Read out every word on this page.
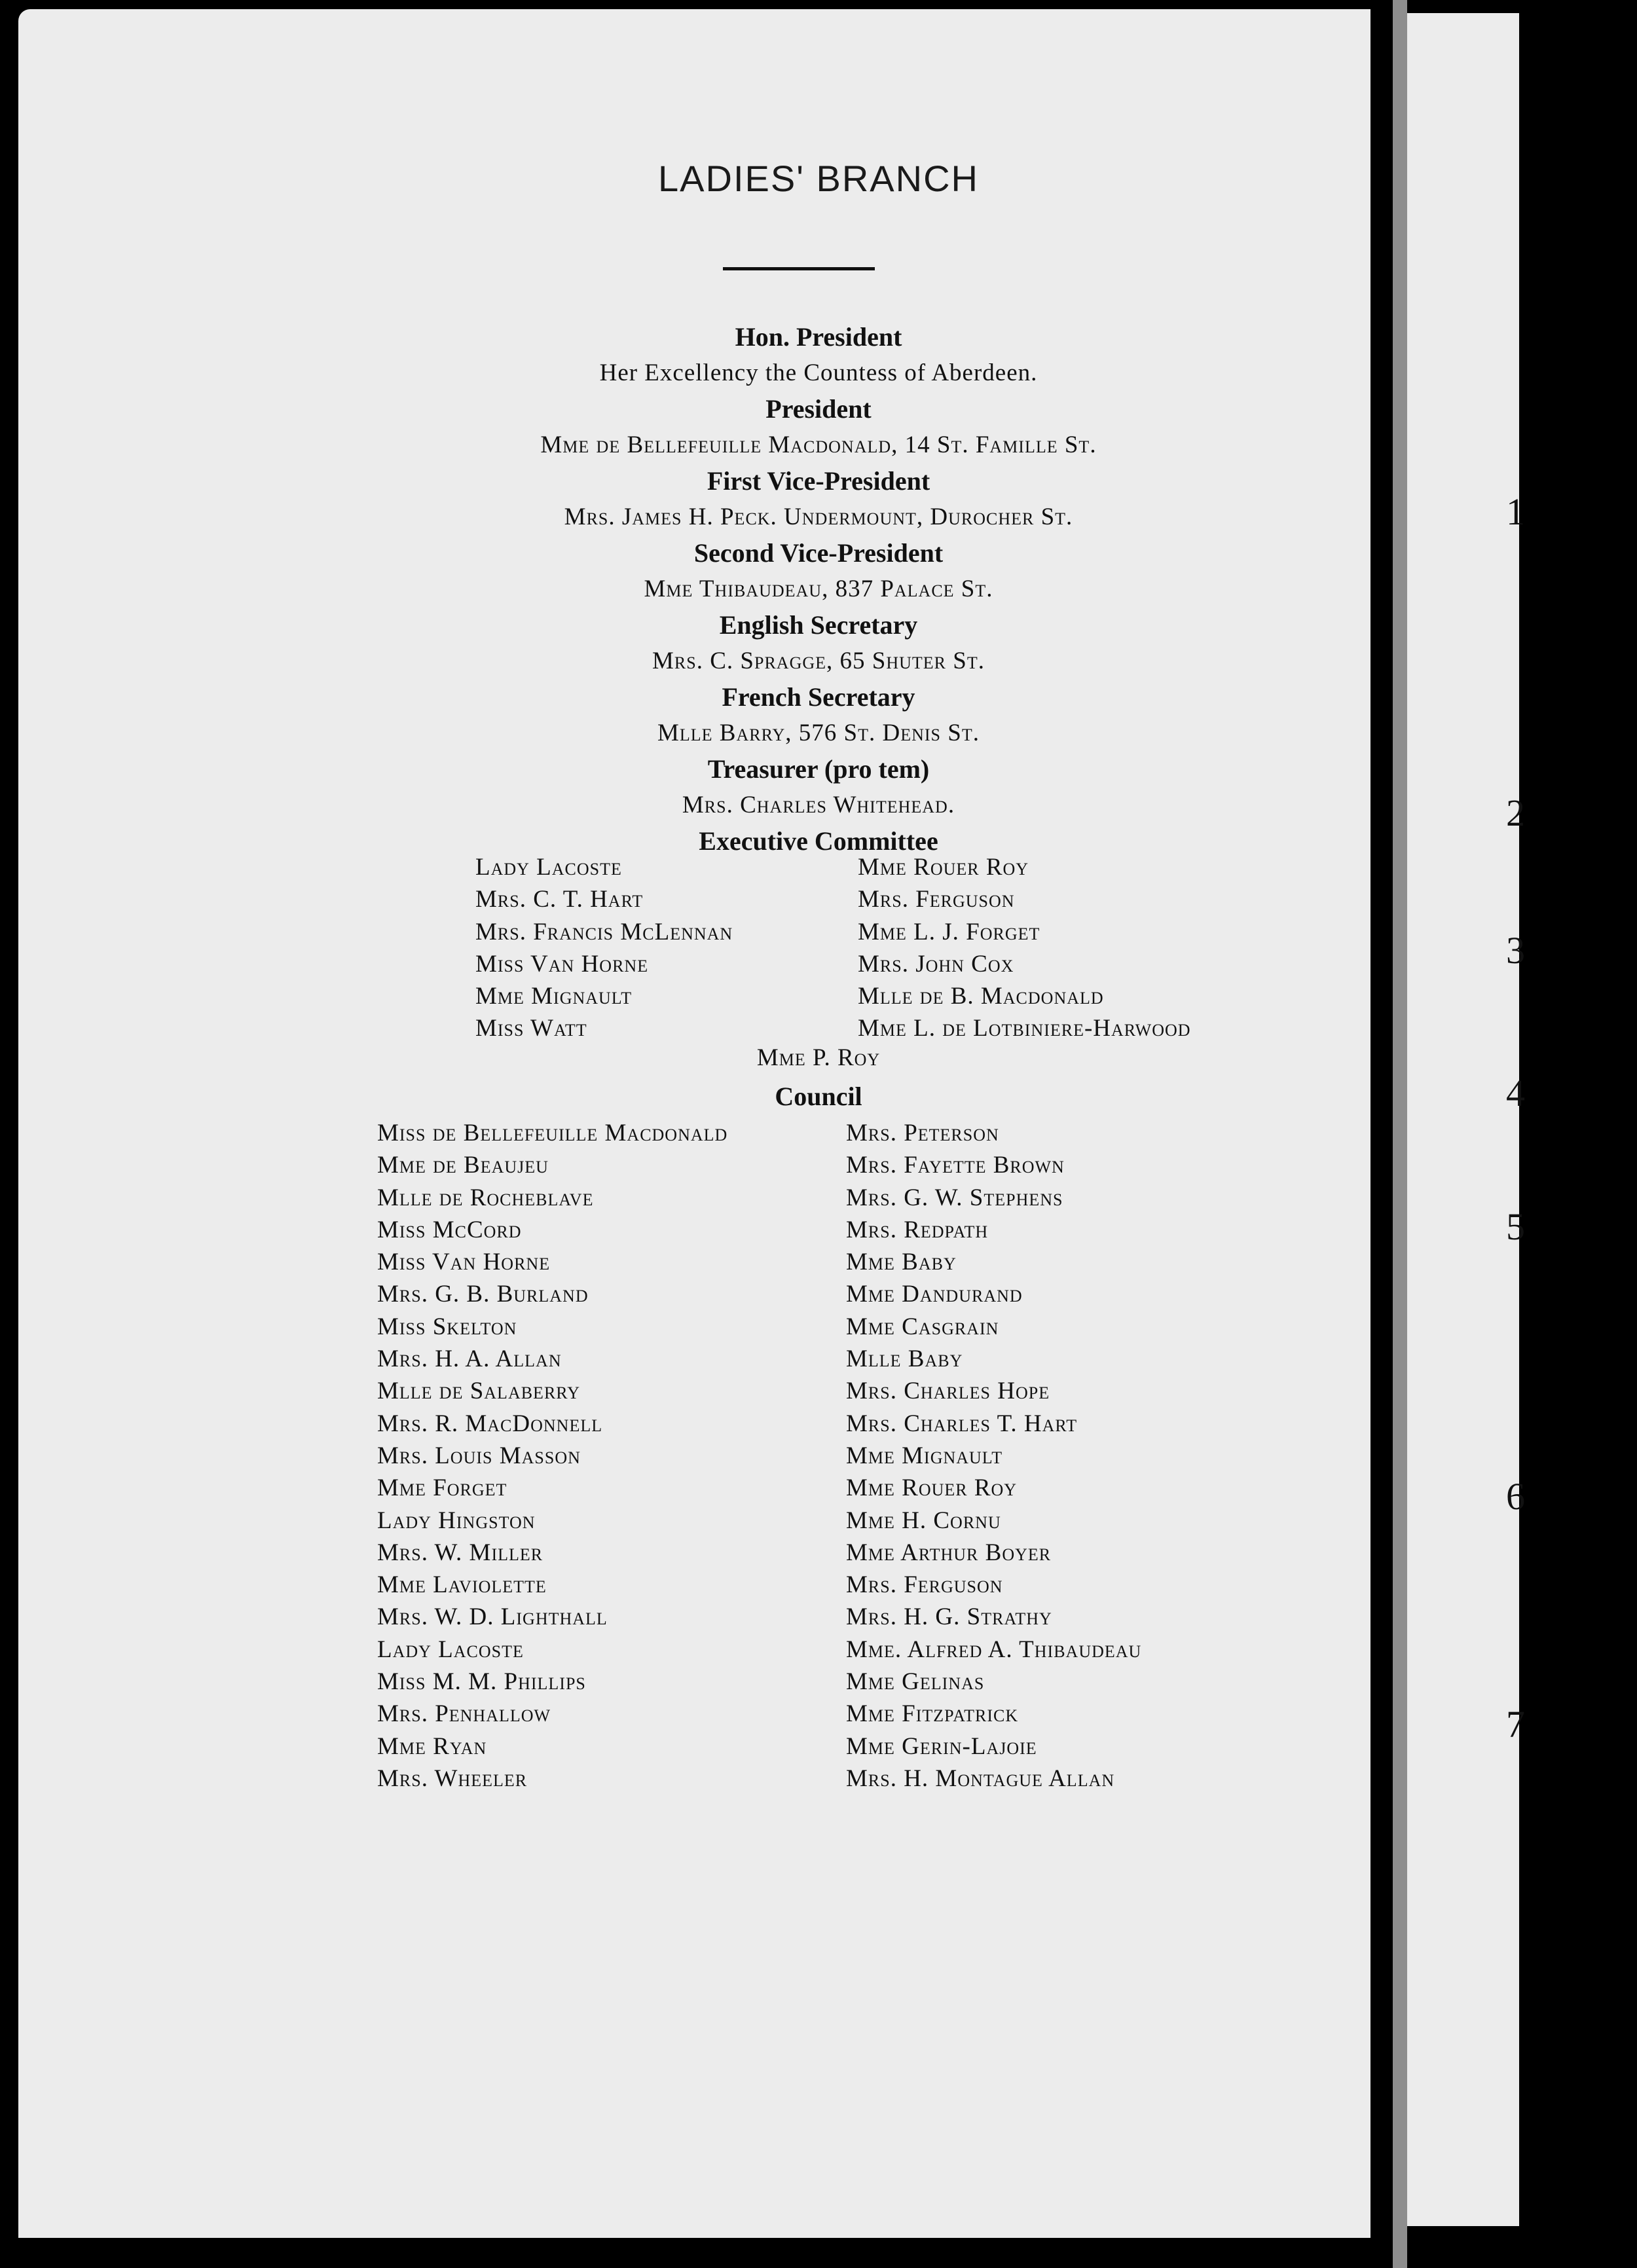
1
2
3
4
5
6
7
LADIES' BRANCH
Hon. President
Her Excellency the Countess of Aberdeen.
President
Mme de Bellefeuille Macdonald, 14 St. Famille St.
First Vice-President
Mrs. James H. Peck. Undermount, Durocher St.
Second Vice-President
Mme Thibaudeau, 837 Palace St.
English Secretary
Mrs. C. Spragge, 65 Shuter St.
French Secretary
Mlle Barry, 576 St. Denis St.
Treasurer (pro tem)
Mrs. Charles Whitehead.
Executive Committee
Lady Lacoste
Mrs. C. T. Hart
Mrs. Francis McLennan
Miss Van Horne
Mme Mignault
Miss Watt
Mme Rouer Roy
Mrs. Ferguson
Mme L. J. Forget
Mrs. John Cox
Mlle de B. Macdonald
Mme L. de Lotbiniere-Harwood
Mme P. Roy
Council
Miss de Bellefeuille Macdonald
Mme de Beaujeu
Mlle de Rocheblave
Miss McCord
Miss Van Horne
Mrs. G. B. Burland
Miss Skelton
Mrs. H. A. Allan
Mlle de Salaberry
Mrs. R. MacDonnell
Mrs. Louis Masson
Mme Forget
Lady Hingston
Mrs. W. Miller
Mme Laviolette
Mrs. W. D. Lighthall
Lady Lacoste
Miss M. M. Phillips
Mrs. Penhallow
Mme Ryan
Mrs. Wheeler
Mrs. Peterson
Mrs. Fayette Brown
Mrs. G. W. Stephens
Mrs. Redpath
Mme Baby
Mme Dandurand
Mme Casgrain
Mlle Baby
Mrs. Charles Hope
Mrs. Charles T. Hart
Mme Mignault
Mme Rouer Roy
Mme H. Cornu
Mme Arthur Boyer
Mrs. Ferguson
Mrs. H. G. Strathy
Mme. Alfred A. Thibaudeau
Mme Gelinas
Mme Fitzpatrick
Mme Gerin-Lajoie
Mrs. H. Montague Allan
